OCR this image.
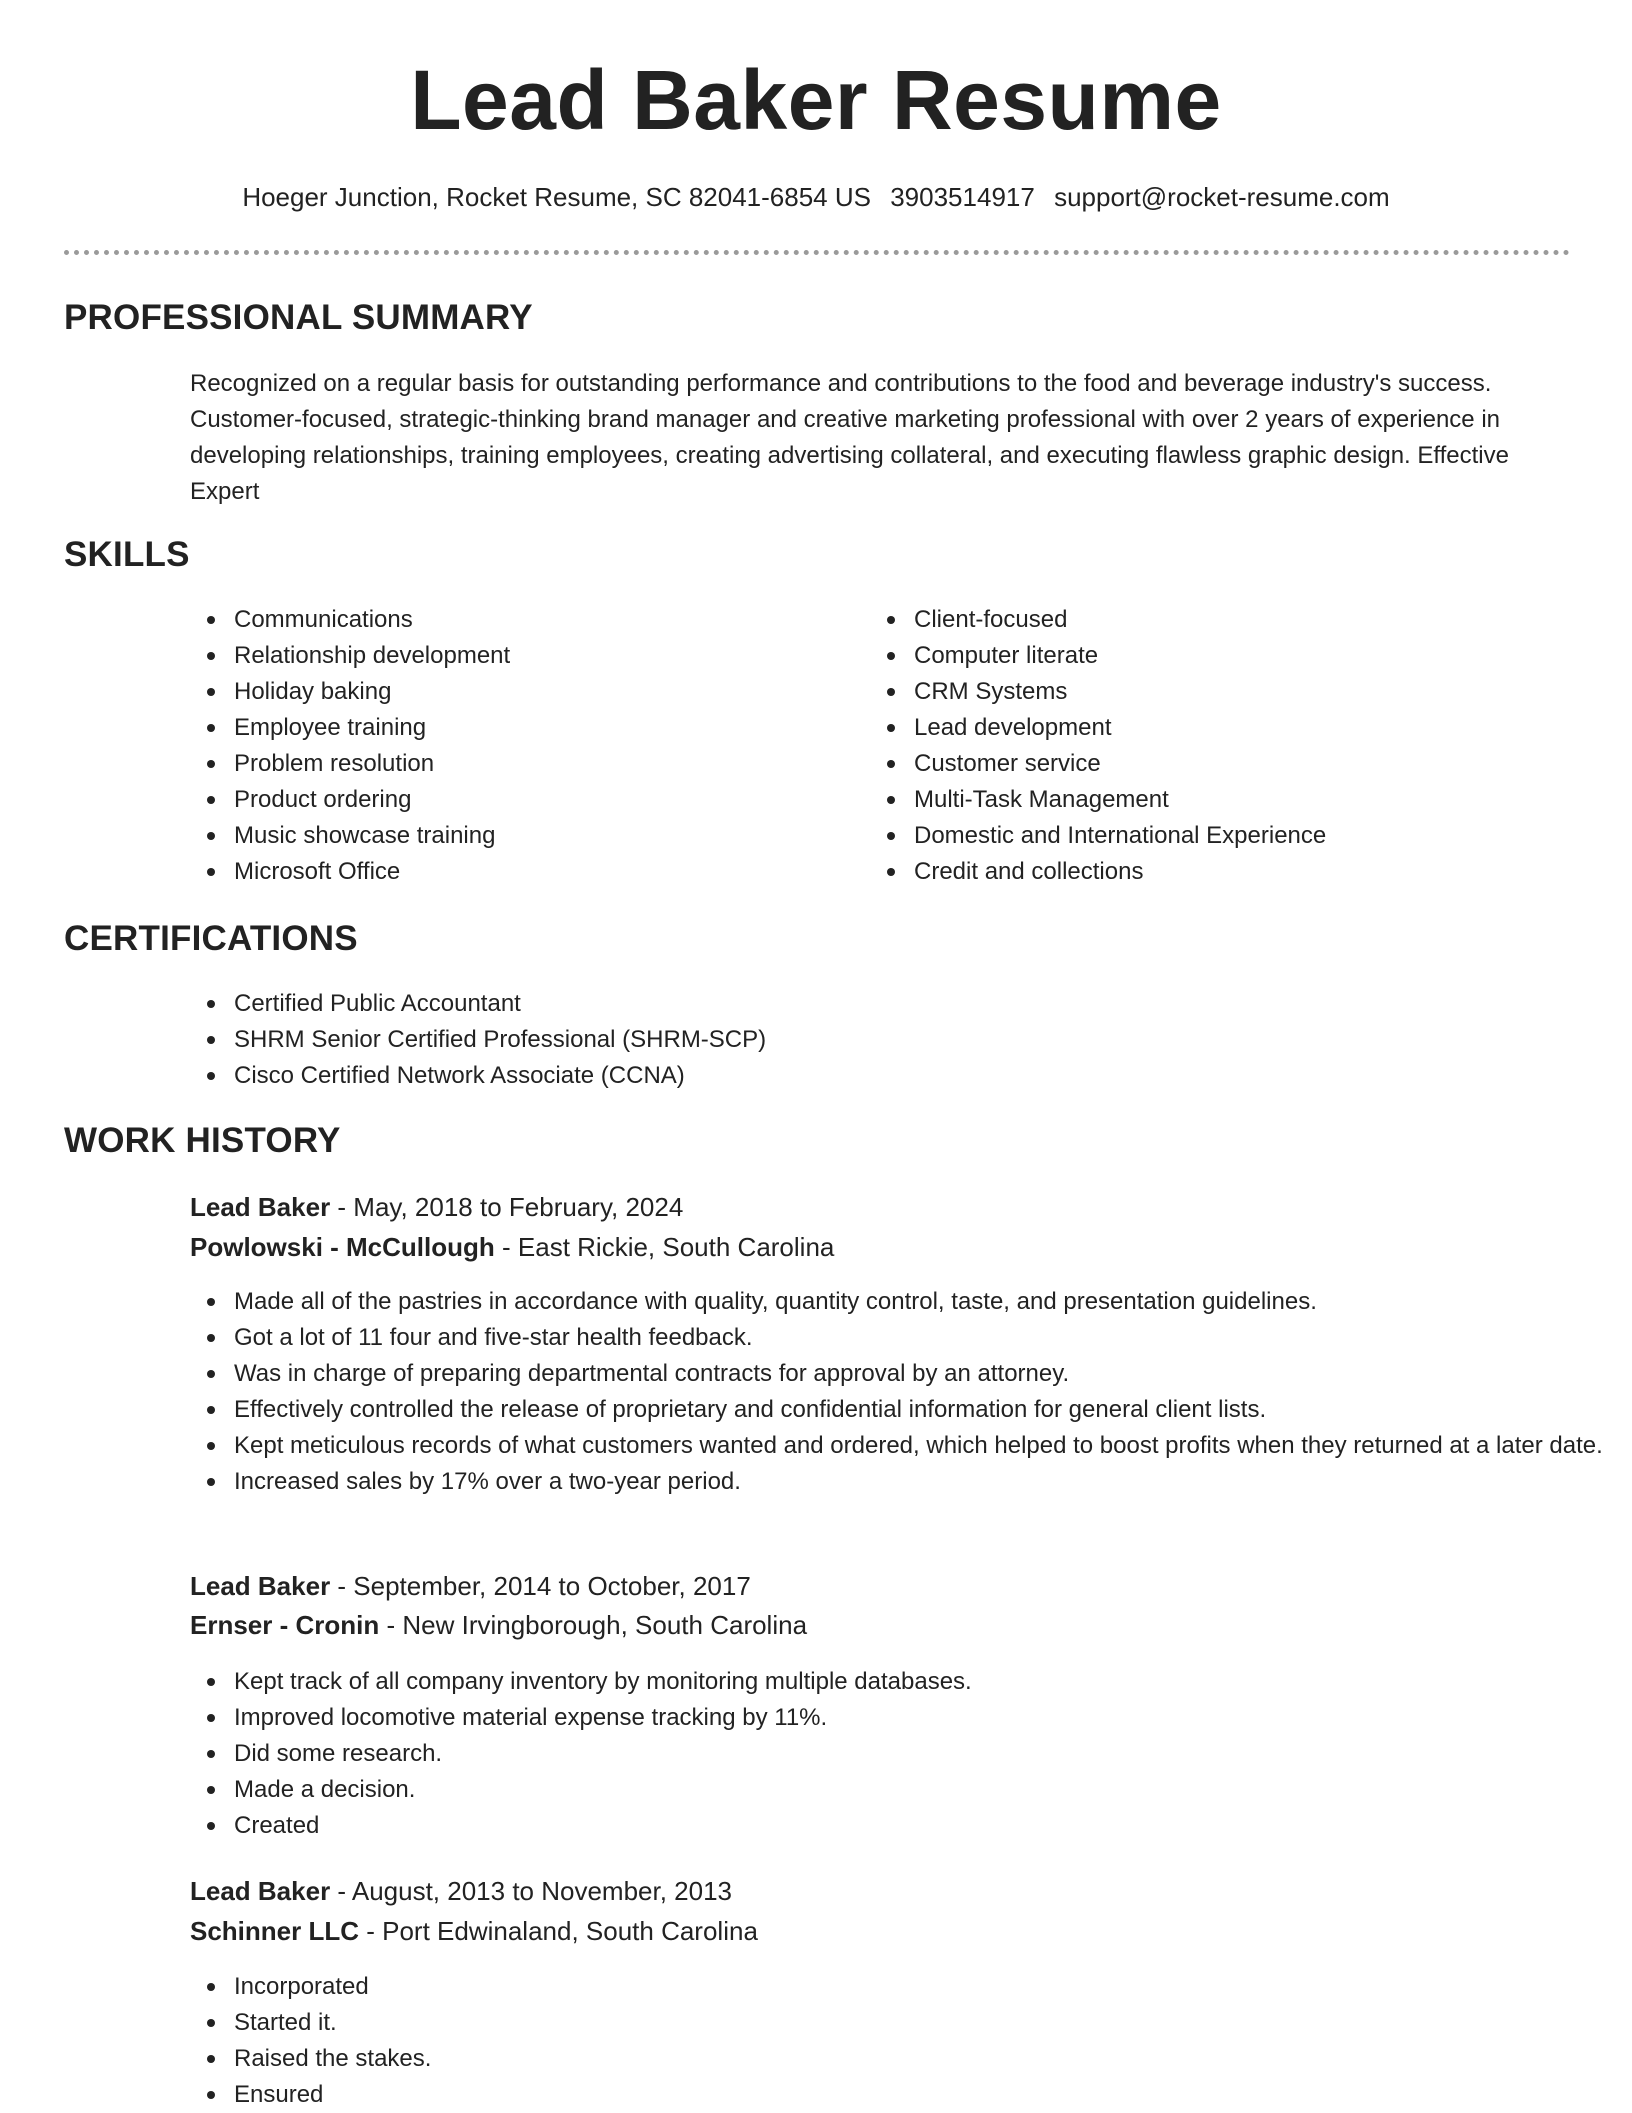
Lead Baker Resume
Hoeger Junction, Rocket Resume, SC 82041-6854 US 3903514917 support@rocket-resume.com
PROFESSIONAL SUMMARY

Recognized on a regular basis for outstanding performance and contributions to the food and beverage industry's success. Customer-focused, strategic-thinking brand manager and creative marketing professional with over 2 years of experience in developing relationships, training employees, creating advertising collateral, and executing flawless graphic design. Effective Expert

SKILLS
Communications
Relationship development
Holiday baking
Employee training
Problem resolution
Product ordering
Music showcase training
Microsoft Office
Client-focused
Computer literate
CRM Systems
Lead development
Customer service
Multi-Task Management
Domestic and International Experience
Credit and collections
CERTIFICATIONS
Certified Public Accountant
SHRM Senior Certified Professional (SHRM-SCP)
Cisco Certified Network Associate (CCNA)
WORK HISTORY
Lead Baker - May, 2018 to February, 2024
Powlowski - McCullough - East Rickie, South Carolina
Made all of the pastries in accordance with quality, quantity control, taste, and presentation guidelines.
Got a lot of 11 four and five-star health feedback.
Was in charge of preparing departmental contracts for approval by an attorney.
Effectively controlled the release of proprietary and confidential information for general client lists.
Kept meticulous records of what customers wanted and ordered, which helped to boost profits when they returned at a later date.
Increased sales by 17% over a two-year period.
Lead Baker - September, 2014 to October, 2017
Ernser - Cronin - New Irvingborough, South Carolina
Kept track of all company inventory by monitoring multiple databases.
Improved locomotive material expense tracking by 11%.
Did some research.
Made a decision.
Created
Lead Baker - August, 2013 to November, 2013
Schinner LLC - Port Edwinaland, South Carolina
Incorporated
Started it.
Raised the stakes.
Ensured
